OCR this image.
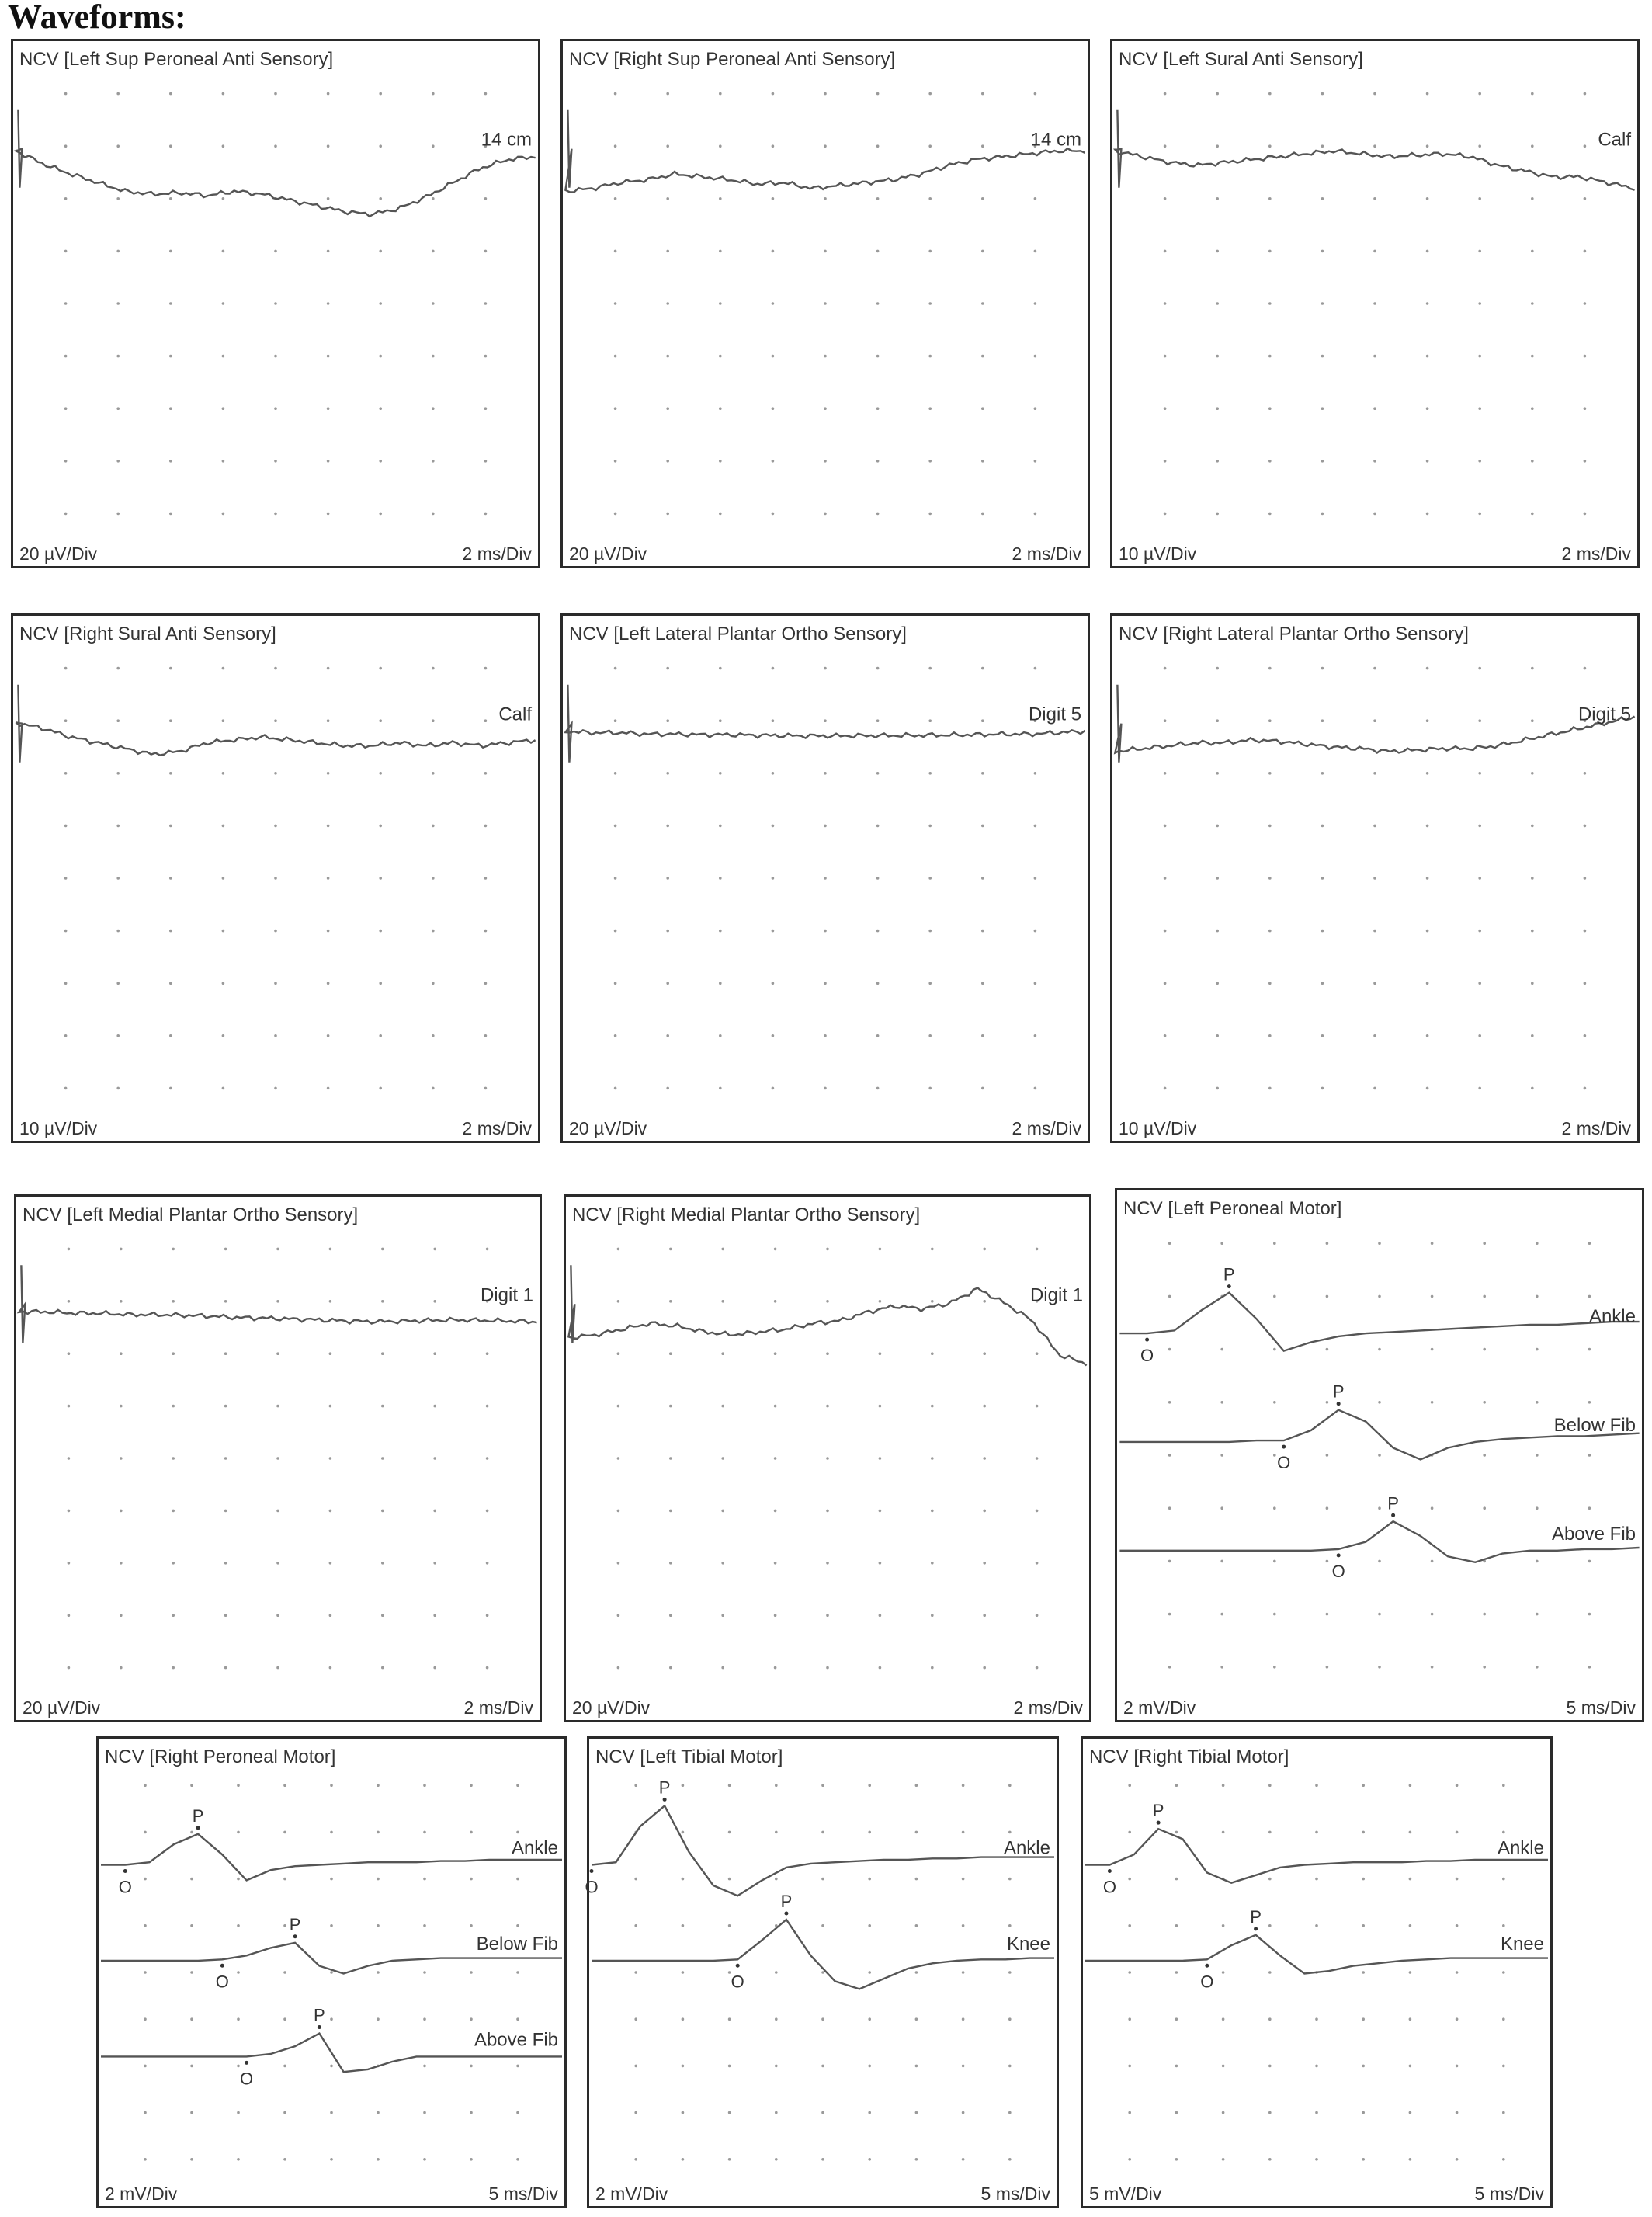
Waveforms:
14 cm
NCV [Left Sup Peroneal Anti Sensory]
20 µV/Div	2 ms/Div
14 cm
NCV [Right Sup Peroneal Anti Sensory]
20 µV/Div	2 ms/Div
Calf
NCV [Left Sural Anti Sensory]
10 µV/Div	2 ms/Div
Calf
NCV [Right Sural Anti Sensory]
10 µV/Div	2 ms/Div
Digit 5
NCV [Left Lateral Plantar Ortho Sensory]
20 µV/Div	2 ms/Div
Digit 5
NCV [Right Lateral Plantar Ortho Sensory]
10 µV/Div	2 ms/Div
Digit 1
NCV [Left Medial Plantar Ortho Sensory]
20 µV/Div	2 ms/Div
Digit 1
NCV [Right Medial Plantar Ortho Sensory]
20 µV/Div	2 ms/Div
Ankle
O
P
Below Fib
O
P
Above Fib
O
P
NCV [Left Peroneal Motor]
2 mV/Div	5 ms/Div
Ankle
O
P
Below Fib
O
P
Above Fib
O
P
NCV [Right Peroneal Motor]
2 mV/Div	5 ms/Div
Ankle
O
P
Knee
O
P
NCV [Left Tibial Motor]
2 mV/Div	5 ms/Div
Ankle
O
P
Knee
O
P
NCV [Right Tibial Motor]
5 mV/Div	5 ms/Div
